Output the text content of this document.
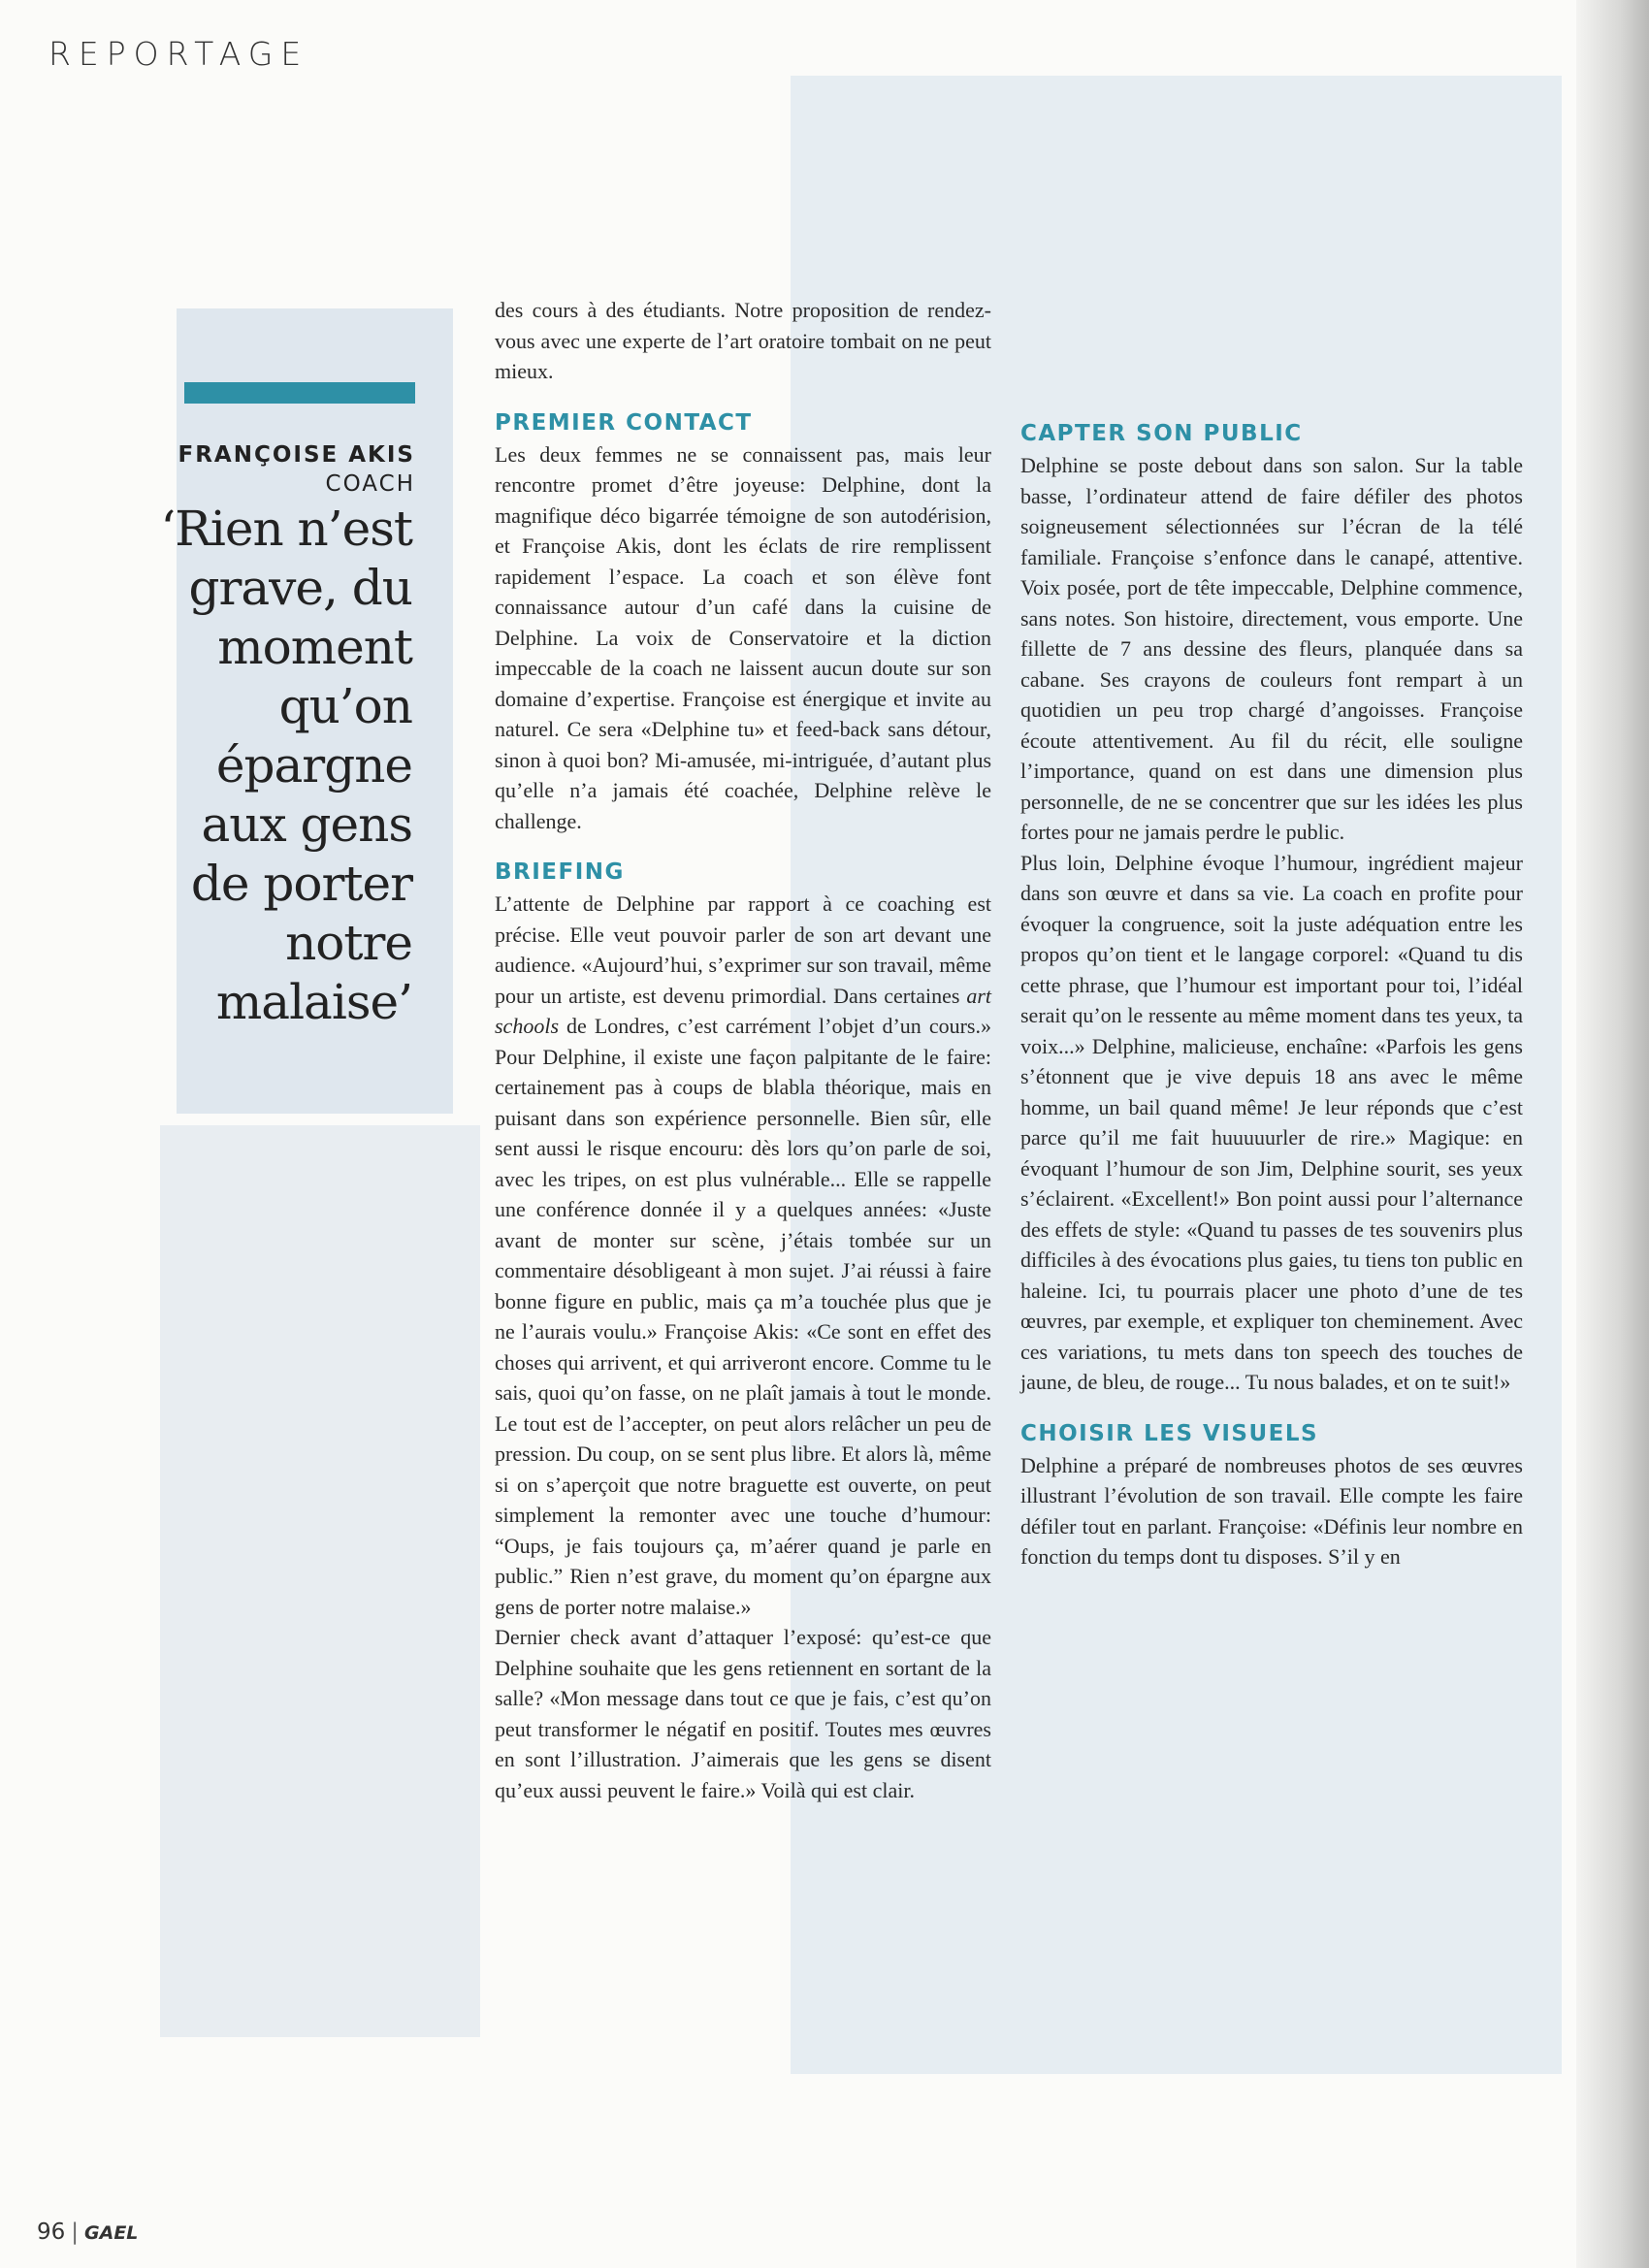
REPORTAGE
FRANÇOISE AKIS
COACH
‘Rien n’est
grave, du
moment
qu’on
épargne
aux gens
de porter
notre
malaise’

des cours à des étudiants. Notre proposition de rendez-vous avec une experte de l’art oratoire tombait on ne peut mieux.

PREMIER CONTACT

Les deux femmes ne se connaissent pas, mais leur rencontre promet d’être joyeuse: Delphine, dont la magnifique déco bigarrée témoigne de son autodérision, et Françoise Akis, dont les éclats de rire remplissent rapidement l’espace. La coach et son élève font connaissance autour d’un café dans la cuisine de Delphine. La voix de Conservatoire et la diction impeccable de la coach ne laissent aucun doute sur son domaine d’expertise. Françoise est énergique et invite au naturel. Ce sera «Delphine tu» et feed-back sans détour, sinon à quoi bon? Mi-amusée, mi-intriguée, d’autant plus qu’elle n’a jamais été coachée, Delphine relève le challenge.

BRIEFING

L’attente de Delphine par rapport à ce coaching est précise. Elle veut pouvoir parler de son art devant une audience. «Aujourd’hui, s’exprimer sur son travail, même pour un artiste, est devenu primordial. Dans certaines art schools de Londres, c’est carrément l’objet d’un cours.» Pour Delphine, il existe une façon palpitante de le faire: certainement pas à coups de blabla théorique, mais en puisant dans son expérience personnelle. Bien sûr, elle sent aussi le risque encouru: dès lors qu’on parle de soi, avec les tripes, on est plus vulnérable... Elle se rappelle une conférence donnée il y a quelques années: «Juste avant de monter sur scène, j’étais tombée sur un commentaire désobligeant à mon sujet. J’ai réussi à faire bonne figure en public, mais ça m’a touchée plus que je ne l’aurais voulu.» Françoise Akis: «Ce sont en effet des choses qui arrivent, et qui arriveront encore. Comme tu le sais, quoi qu’on fasse, on ne plaît jamais à tout le monde. Le tout est de l’accepter, on peut alors relâcher un peu de pression. Du coup, on se sent plus libre. Et alors là, même si on s’aperçoit que notre braguette est ouverte, on peut simplement la remonter avec une touche d’humour: “Oups, je fais toujours ça, m’aérer quand je parle en public.” Rien n’est grave, du moment qu’on épargne aux gens de porter notre malaise.»

Dernier check avant d’attaquer l’exposé: qu’est-ce que Delphine souhaite que les gens retiennent en sortant de la salle? «Mon message dans tout ce que je fais, c’est qu’on peut transformer le négatif en positif. Toutes mes œuvres en sont l’illustration. J’aimerais que les gens se disent qu’eux aussi peuvent le faire.» Voilà qui est clair.

CAPTER SON PUBLIC

Delphine se poste debout dans son salon. Sur la table basse, l’ordinateur attend de faire défiler des photos soigneusement sélectionnées sur l’écran de la télé familiale. Françoise s’enfonce dans le canapé, attentive. Voix posée, port de tête impeccable, Delphine commence, sans notes. Son histoire, directement, vous emporte. Une fillette de 7 ans dessine des fleurs, planquée dans sa cabane. Ses crayons de couleurs font rempart à un quotidien un peu trop chargé d’angoisses. Françoise écoute attentivement. Au fil du récit, elle souligne l’importance, quand on est dans une dimension plus personnelle, de ne se concentrer que sur les idées les plus fortes pour ne jamais perdre le public.

Plus loin, Delphine évoque l’humour, ingrédient majeur dans son œuvre et dans sa vie. La coach en profite pour évoquer la congruence, soit la juste adéquation entre les propos qu’on tient et le langage corporel: «Quand tu dis cette phrase, que l’humour est important pour toi, l’idéal serait qu’on le ressente au même moment dans tes yeux, ta voix...» Delphine, malicieuse, enchaîne: «Parfois les gens s’étonnent que je vive depuis 18 ans avec le même homme, un bail quand même! Je leur réponds que c’est parce qu’il me fait huuuuurler de rire.» Magique: en évoquant l’humour de son Jim, Delphine sourit, ses yeux s’éclairent. «Excellent!» Bon point aussi pour l’alternance des effets de style: «Quand tu passes de tes souvenirs plus difficiles à des évocations plus gaies, tu tiens ton public en haleine. Ici, tu pourrais placer une photo d’une de tes œuvres, par exemple, et expliquer ton cheminement. Avec ces variations, tu mets dans ton speech des touches de jaune, de bleu, de rouge... Tu nous balades, et on te suit!»

CHOISIR LES VISUELS

Delphine a préparé de nombreuses photos de ses œuvres illustrant l’évolution de son travail. Elle compte les faire défiler tout en parlant. Françoise: «Définis leur nombre en fonction du temps dont tu disposes. S’il y en

96 | GAEL
